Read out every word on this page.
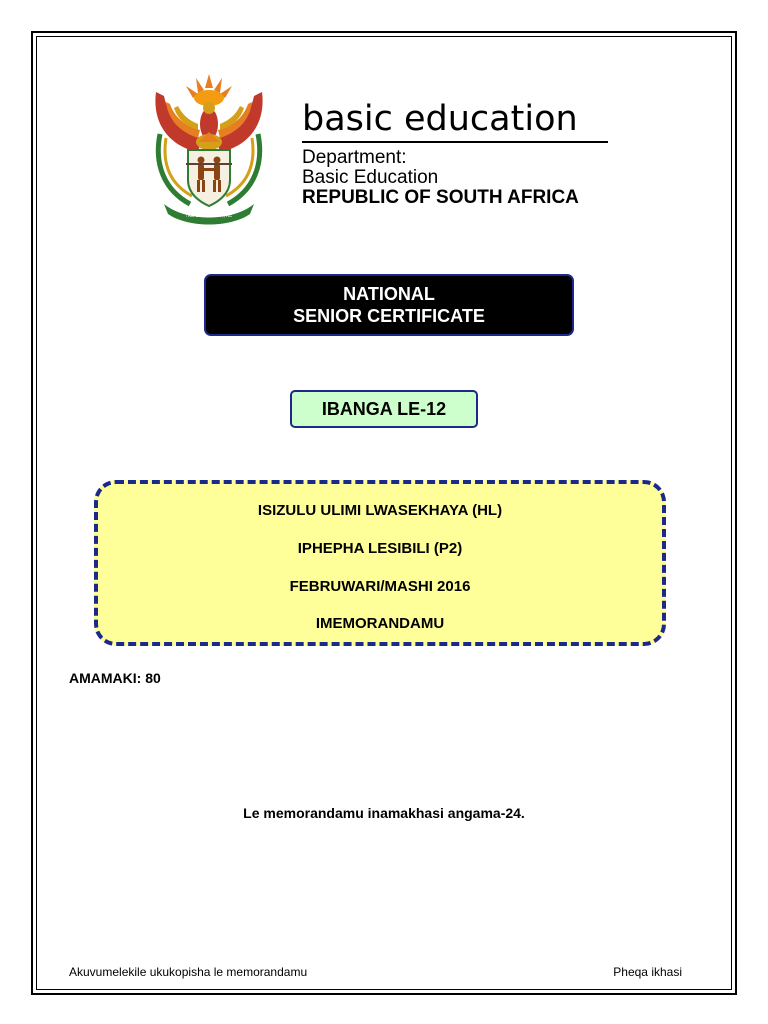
!KE E: /XARRA //KE
basic education
Department:
Basic Education
REPUBLIC OF SOUTH AFRICA
NATIONAL
SENIOR CERTIFICATE
IBANGA LE-12
ISIZULU ULIMI LWASEKHAYA (HL)
IPHEPHA LESIBILI (P2)
FEBRUWARI/MASHI 2016
IMEMORANDAMU
AMAMAKI: 80
Le memorandamu inamakhasi angama-24.
Akuvumelekile ukukopisha le memorandamu	Pheqa ikhasi
